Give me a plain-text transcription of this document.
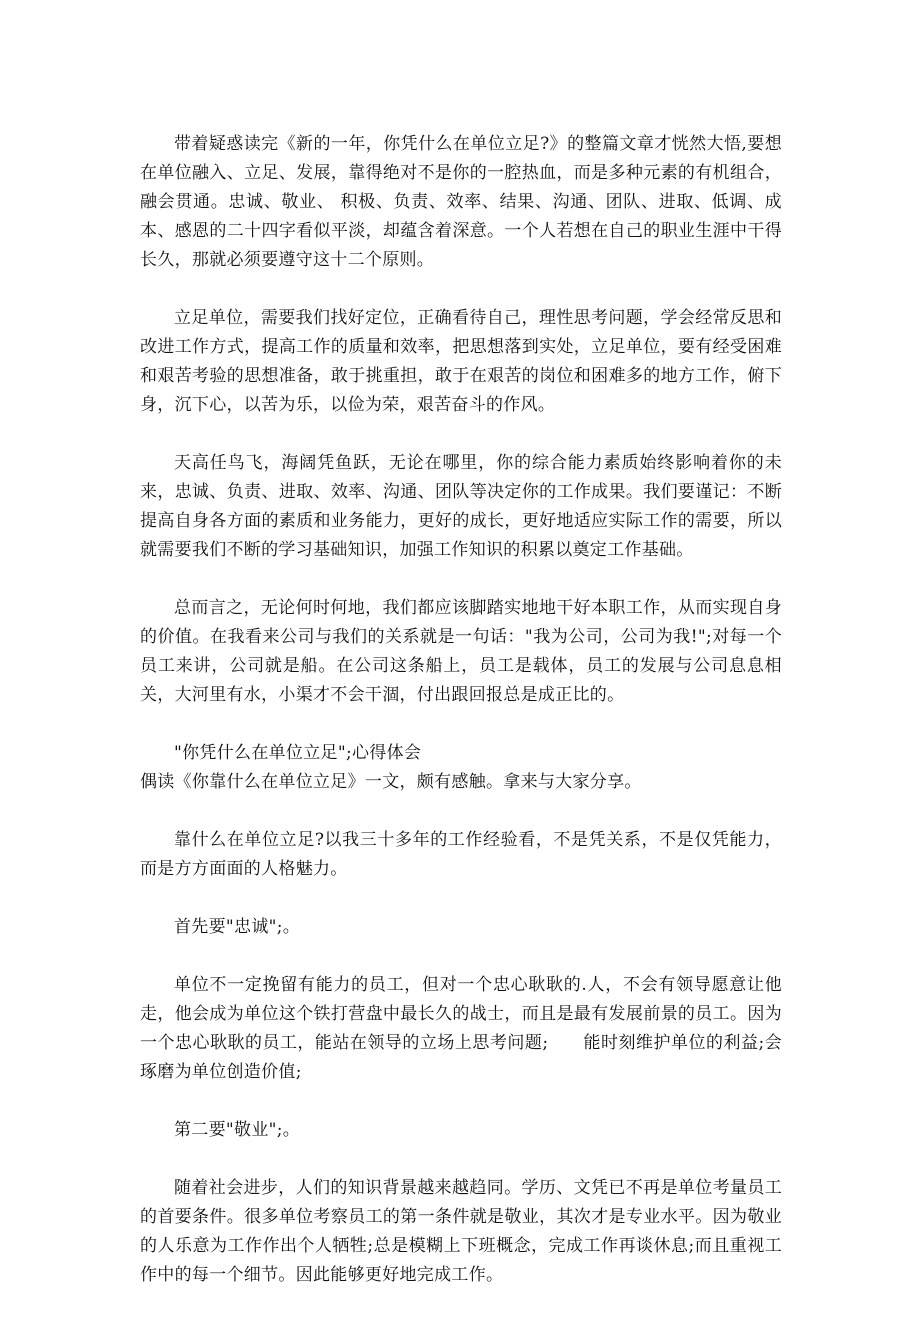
带着疑惑读完《新的一年，你凭什么在单位立足?》的整篇文章才恍然大悟,要想在单位融入、立足、发展，靠得绝对不是你的一腔热血，而是多种元素的有机组合，融会贯通。忠诚、敬业、 积极、负责、效率、结果、沟通、团队、进取、低调、成本、感恩的二十四字看似平淡，却蕴含着深意。一个人若想在自己的职业生涯中干得长久，那就必须要遵守这十二个原则。

立足单位，需要我们找好定位，正确看待自己，理性思考问题，学会经常反思和改进工作方式，提高工作的质量和效率，把思想落到实处，立足单位，要有经受困难和艰苦考验的思想准备，敢于挑重担，敢于在艰苦的岗位和困难多的地方工作，俯下身，沉下心，以苦为乐，以俭为荣，艰苦奋斗的作风。

天高任鸟飞，海阔凭鱼跃，无论在哪里，你的综合能力素质始终影响着你的未来，忠诚、负责、进取、效率、沟通、团队等决定你的工作成果。我们要谨记：不断提高自身各方面的素质和业务能力，更好的成长，更好地适应实际工作的需要，所以就需要我们不断的学习基础知识，加强工作知识的积累以奠定工作基础。

总而言之，无论何时何地，我们都应该脚踏实地地干好本职工作，从而实现自身的价值。在我看来公司与我们的关系就是一句话："我为公司，公司为我!";对每一个员工来讲，公司就是船。在公司这条船上，员工是载体，员工的发展与公司息息相关，大河里有水，小渠才不会干涸，付出跟回报总是成正比的。

"你凭什么在单位立足";心得体会

偶读《你靠什么在单位立足》一文，颇有感触。拿来与大家分享。

靠什么在单位立足?以我三十多年的工作经验看，不是凭关系，不是仅凭能力，而是方方面面的人格魅力。

首先要"忠诚";。

单位不一定挽留有能力的员工，但对一个忠心耿耿的.人，不会有领导愿意让他走，他会成为单位这个铁打营盘中最长久的战士，而且是最有发展前景的员工。因为一个忠心耿耿的员工，能站在领导的立场上思考问题;　　能时刻维护单位的利益;会琢磨为单位创造价值;

第二要"敬业";。

随着社会进步，人们的知识背景越来越趋同。学历、文凭已不再是单位考量员工的首要条件。很多单位考察员工的第一条件就是敬业，其次才是专业水平。因为敬业的人乐意为工作作出个人牺牲;总是模糊上下班概念，完成工作再谈休息;而且重视工作中的每一个细节。因此能够更好地完成工作。
